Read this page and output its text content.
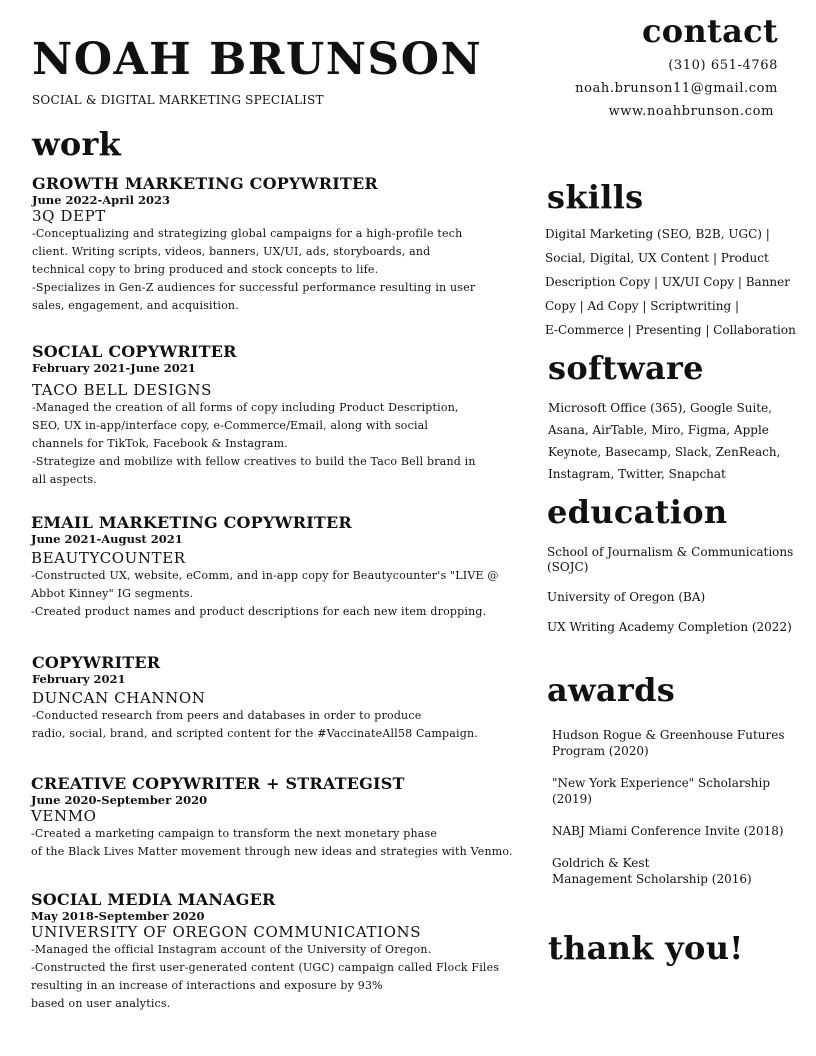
NOAH BRUNSON
SOCIAL & DIGITAL MARKETING SPECIALIST
contact
(310) 651-4768
noah.brunson11@gmail.com
www.noahbrunson.com
work
GROWTH MARKETING COPYWRITER
June 2022-April 2023
3Q DEPT
-Conceptualizing and strategizing global campaigns for a high-profile tech
client. Writing scripts, videos, banners, UX/UI, ads, storyboards, and
technical copy to bring produced and stock concepts to life.
-Specializes in Gen-Z audiences for successful performance resulting in user
sales, engagement, and acquisition.
SOCIAL COPYWRITER
February 2021-June 2021
TACO BELL DESIGNS
-Managed the creation of all forms of copy including Product Description,
SEO, UX in-app/interface copy, e-Commerce/Email, along with social
channels for TikTok, Facebook & Instagram.
-Strategize and mobilize with fellow creatives to build the Taco Bell brand in
all aspects.
EMAIL MARKETING COPYWRITER
June 2021-August 2021
BEAUTYCOUNTER
-Constructed UX, website, eComm, and in-app copy for Beautycounter's "LIVE @
Abbot Kinney" IG segments.
-Created product names and product descriptions for each new item dropping.
COPYWRITER
February 2021
DUNCAN CHANNON
-Conducted research from peers and databases in order to produce
radio, social, brand, and scripted content for the #VaccinateAll58 Campaign.
CREATIVE COPYWRITER + STRATEGIST
June 2020-September 2020
VENMO
-Created a marketing campaign to transform the next monetary phase
of the Black Lives Matter movement through new ideas and strategies with Venmo.
SOCIAL MEDIA MANAGER
May 2018-September 2020
UNIVERSITY OF OREGON COMMUNICATIONS
-Managed the official Instagram account of the University of Oregon.
-Constructed the first user-generated content (UGC) campaign called Flock Files
resulting in an increase of interactions and exposure by 93%
based on user analytics.
skills
Digital Marketing (SEO, B2B, UGC) |
Social, Digital, UX Content | Product
Description Copy | UX/UI Copy | Banner
Copy | Ad Copy | Scriptwriting |
E-Commerce | Presenting | Collaboration
software
Microsoft Office (365), Google Suite,
Asana, AirTable, Miro, Figma, Apple
Keynote, Basecamp, Slack, ZenReach,
Instagram, Twitter, Snapchat
education
School of Journalism & Communications
(SOJC)
University of Oregon (BA)
UX Writing Academy Completion (2022)
awards
Hudson Rogue & Greenhouse Futures
Program (2020)
"New York Experience" Scholarship
(2019)
NABJ Miami Conference Invite (2018)
Goldrich & Kest
Management Scholarship (2016)
thank you!
